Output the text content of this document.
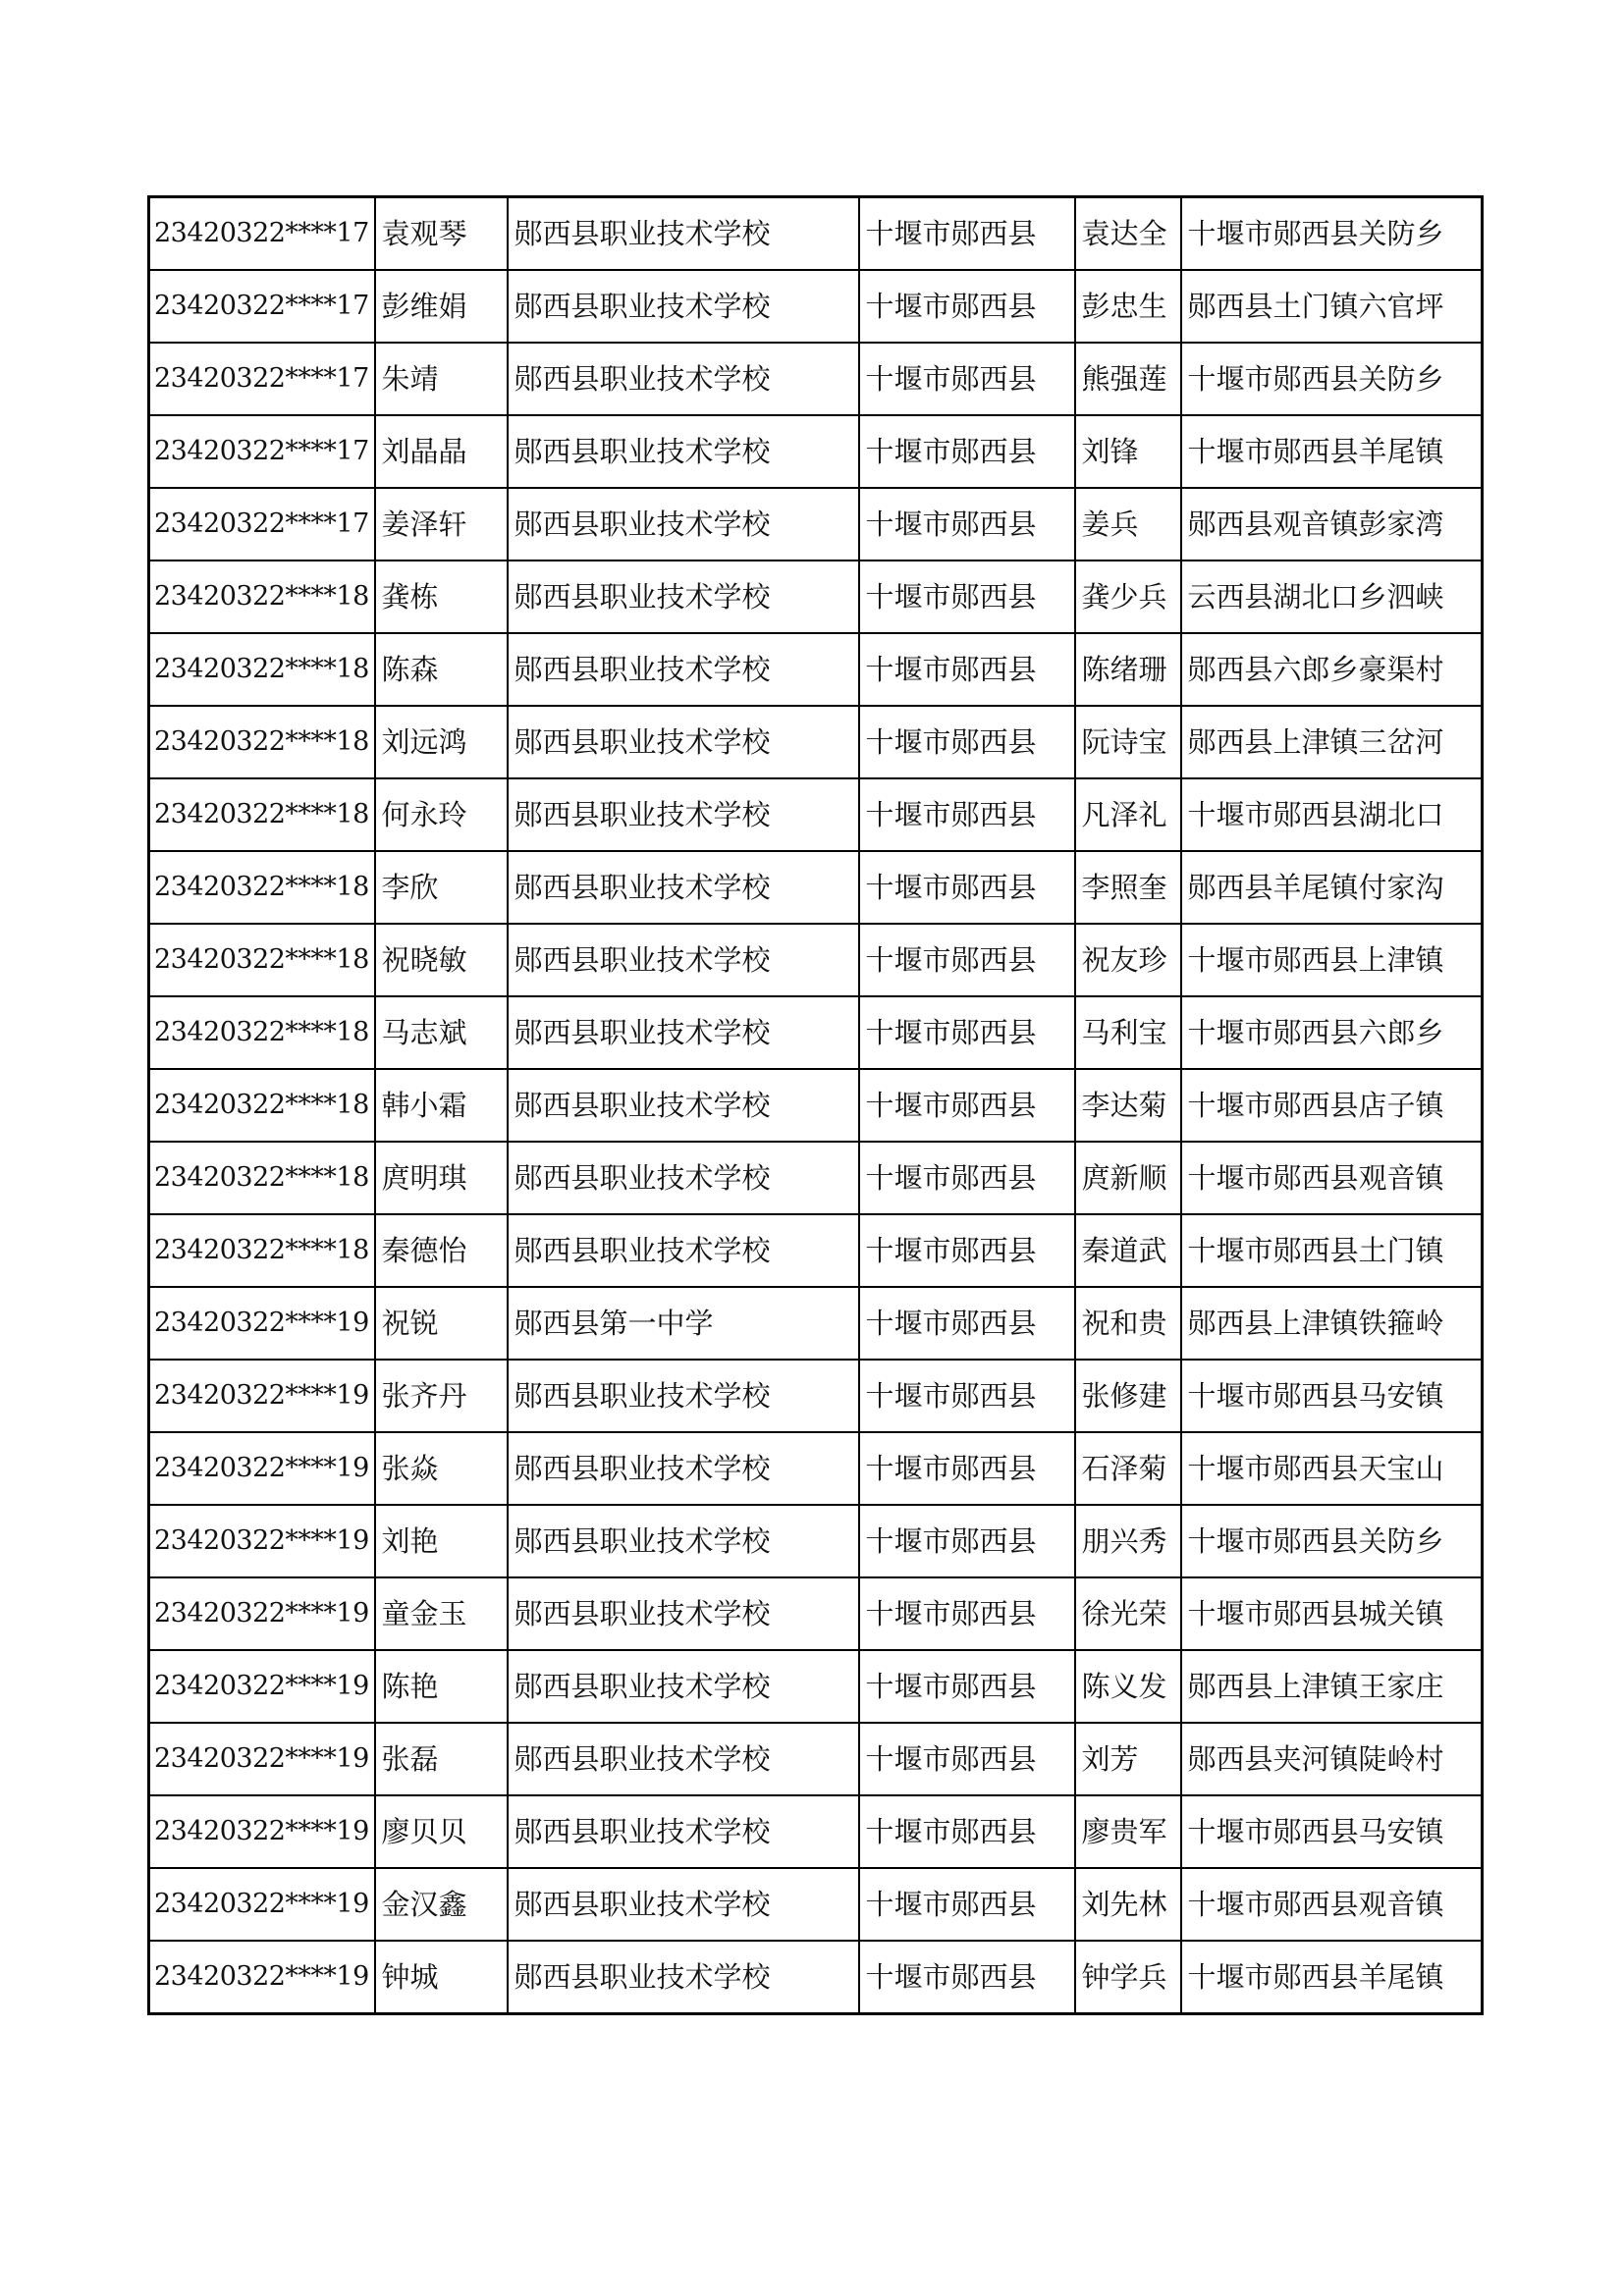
23420322****17	袁观琴	郧西县职业技术学校	十堰市郧西县	袁达全	十堰市郧西县关防乡
23420322****17	彭维娟	郧西县职业技术学校	十堰市郧西县	彭忠生	郧西县土门镇六官坪
23420322****17	朱靖	郧西县职业技术学校	十堰市郧西县	熊强莲	十堰市郧西县关防乡
23420322****17	刘晶晶	郧西县职业技术学校	十堰市郧西县	刘锋	十堰市郧西县羊尾镇
23420322****17	姜泽轩	郧西县职业技术学校	十堰市郧西县	姜兵	郧西县观音镇彭家湾
23420322****18	龚栋	郧西县职业技术学校	十堰市郧西县	龚少兵	云西县湖北口乡泗峡
23420322****18	陈森	郧西县职业技术学校	十堰市郧西县	陈绪珊	郧西县六郎乡豪渠村
23420322****18	刘远鸿	郧西县职业技术学校	十堰市郧西县	阮诗宝	郧西县上津镇三岔河
23420322****18	何永玲	郧西县职业技术学校	十堰市郧西县	凡泽礼	十堰市郧西县湖北口
23420322****18	李欣	郧西县职业技术学校	十堰市郧西县	李照奎	郧西县羊尾镇付家沟
23420322****18	祝晓敏	郧西县职业技术学校	十堰市郧西县	祝友珍	十堰市郧西县上津镇
23420322****18	马志斌	郧西县职业技术学校	十堰市郧西县	马利宝	十堰市郧西县六郎乡
23420322****18	韩小霜	郧西县职业技术学校	十堰市郧西县	李达菊	十堰市郧西县店子镇
23420322****18	庹明琪	郧西县职业技术学校	十堰市郧西县	庹新顺	十堰市郧西县观音镇
23420322****18	秦德怡	郧西县职业技术学校	十堰市郧西县	秦道武	十堰市郧西县土门镇
23420322****19	祝锐	郧西县第一中学	十堰市郧西县	祝和贵	郧西县上津镇铁箍岭
23420322****19	张齐丹	郧西县职业技术学校	十堰市郧西县	张修建	十堰市郧西县马安镇
23420322****19	张焱	郧西县职业技术学校	十堰市郧西县	石泽菊	十堰市郧西县天宝山
23420322****19	刘艳	郧西县职业技术学校	十堰市郧西县	朋兴秀	十堰市郧西县关防乡
23420322****19	童金玉	郧西县职业技术学校	十堰市郧西县	徐光荣	十堰市郧西县城关镇
23420322****19	陈艳	郧西县职业技术学校	十堰市郧西县	陈义发	郧西县上津镇王家庄
23420322****19	张磊	郧西县职业技术学校	十堰市郧西县	刘芳	郧西县夹河镇陡岭村
23420322****19	廖贝贝	郧西县职业技术学校	十堰市郧西县	廖贵军	十堰市郧西县马安镇
23420322****19	金汉鑫	郧西县职业技术学校	十堰市郧西县	刘先林	十堰市郧西县观音镇
23420322****19	钟城	郧西县职业技术学校	十堰市郧西县	钟学兵	十堰市郧西县羊尾镇
